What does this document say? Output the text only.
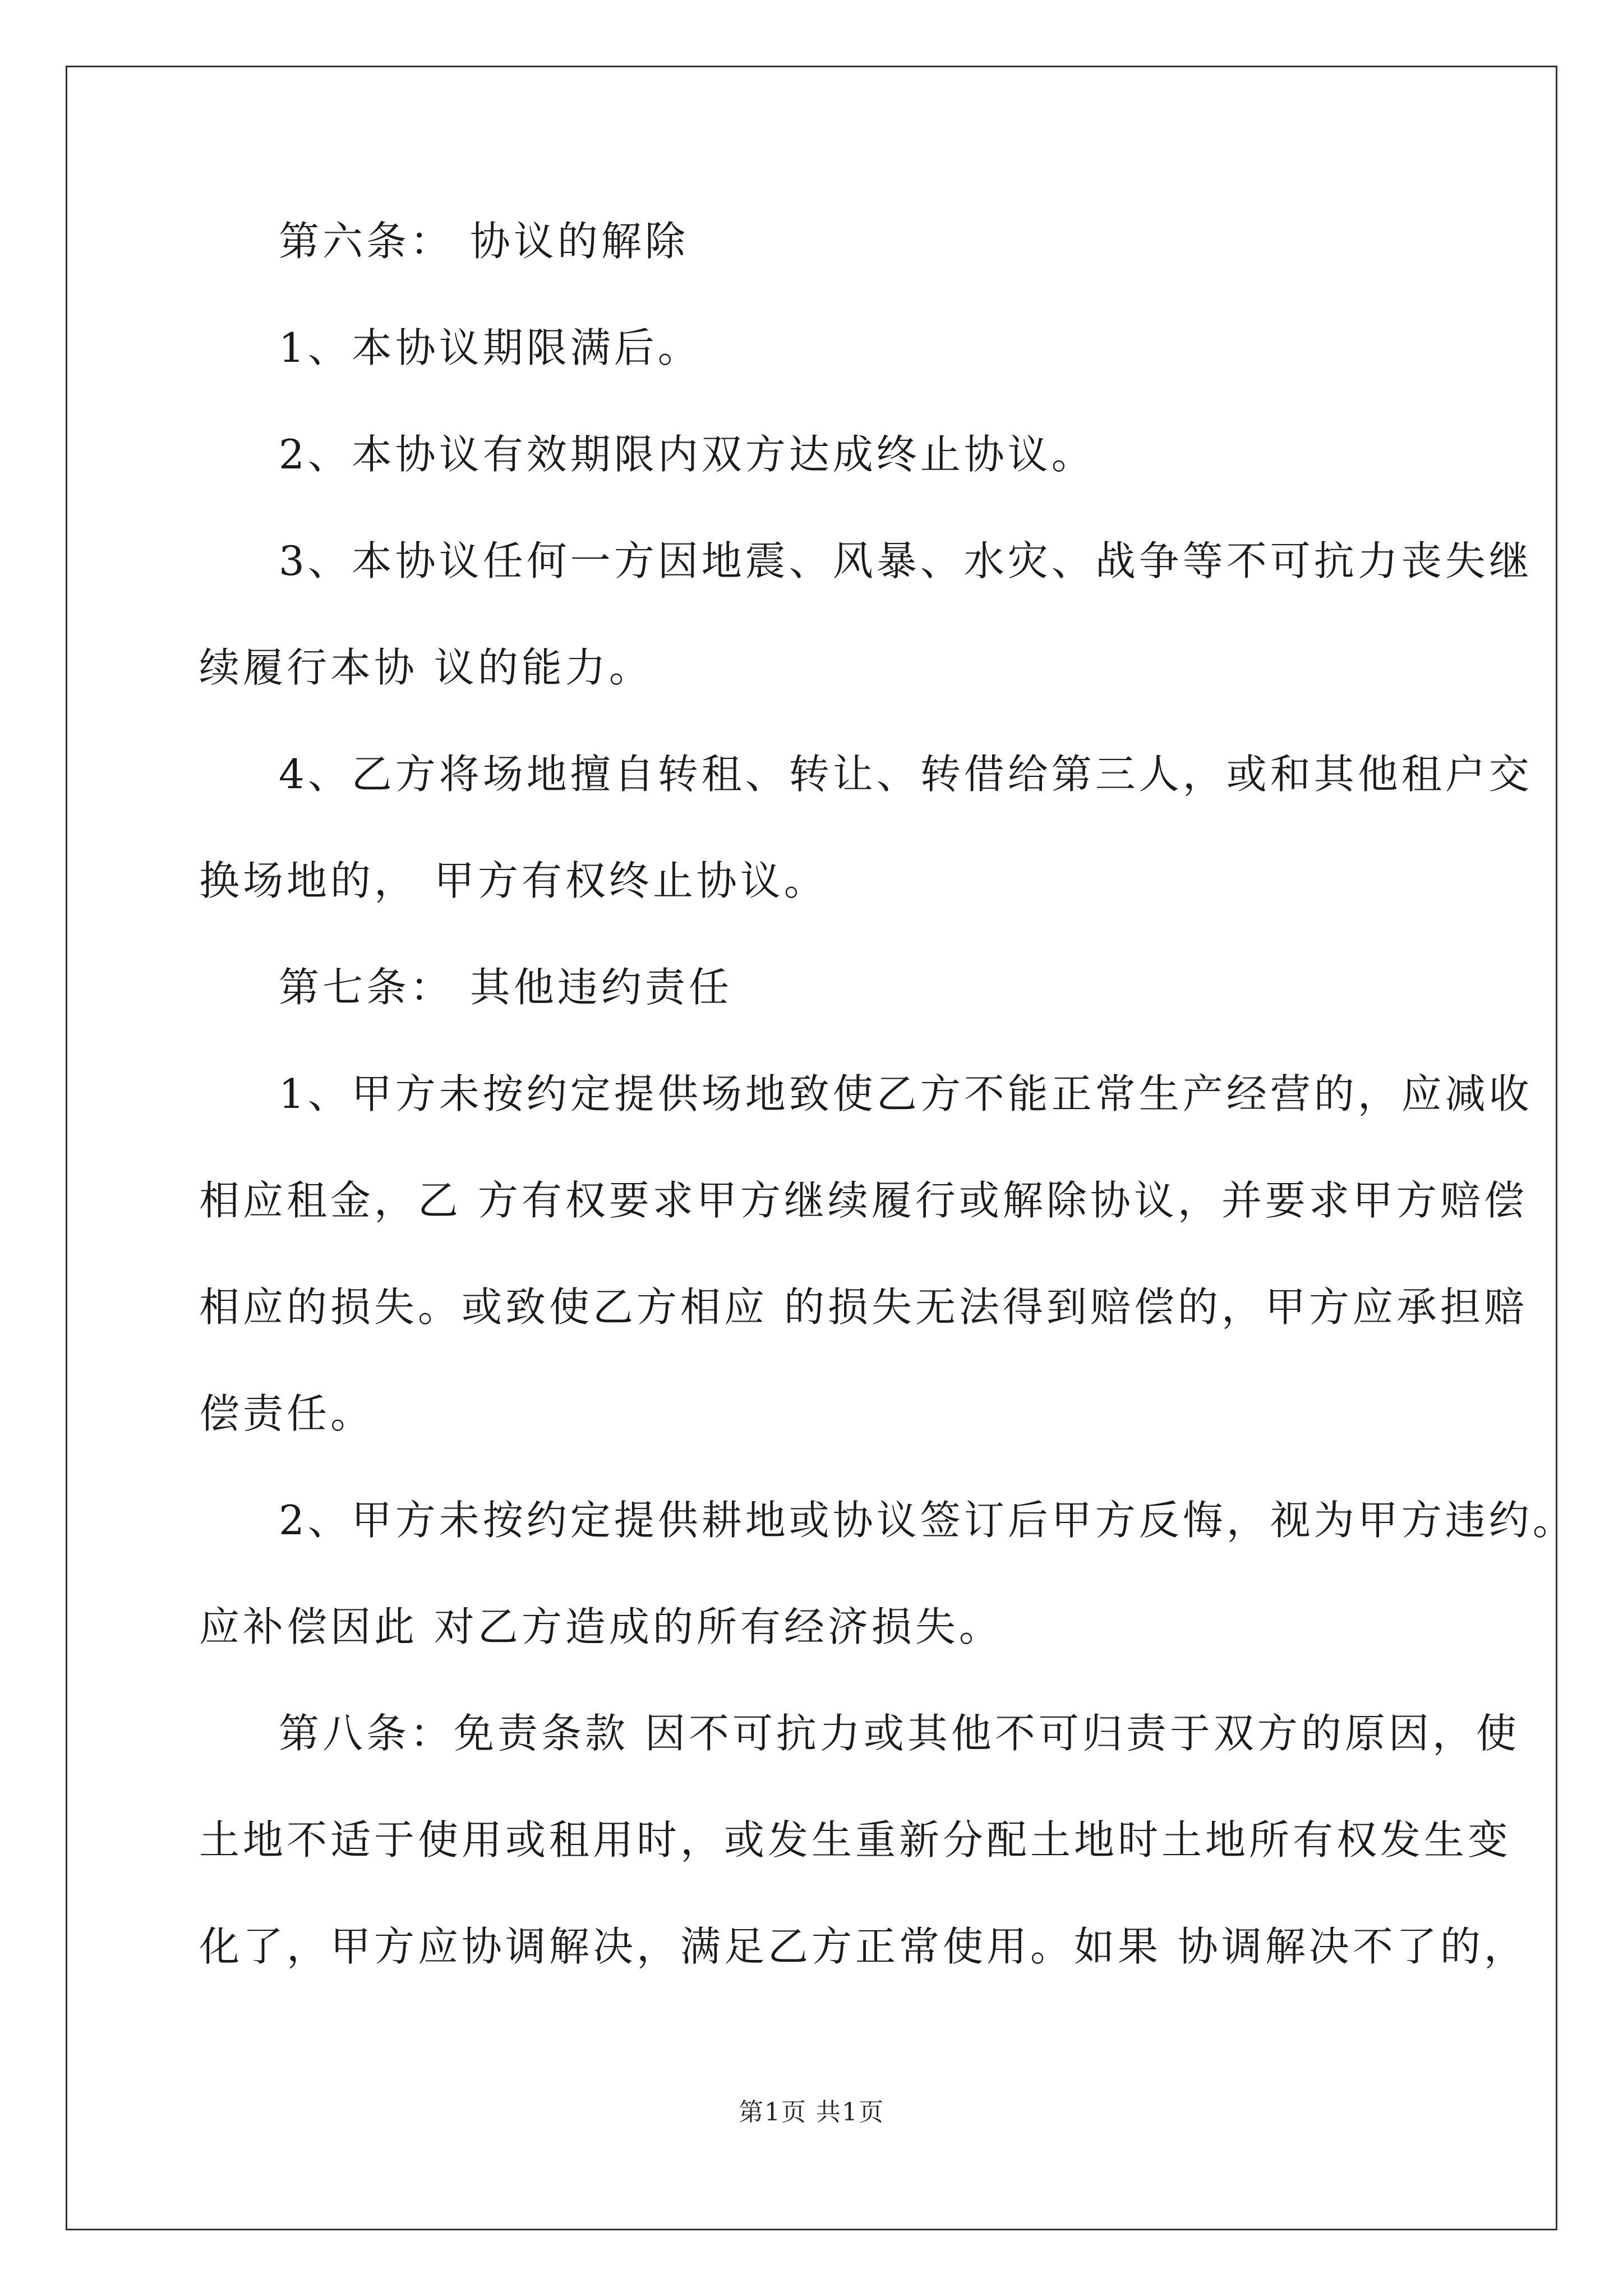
第六条： 协议的解除
1、本协议期限满后。
2、本协议有效期限内双方达成终止协议。
3、本协议任何一方因地震、风暴、水灾、战争等不可抗力丧失继
续履行本协 议的能力。
4、乙方将场地擅自转租、转让、转借给第三人，或和其他租户交
换场地的， 甲方有权终止协议。
第七条： 其他违约责任
1、甲方未按约定提供场地致使乙方不能正常生产经营的，应减收
相应租金，乙 方有权要求甲方继续履行或解除协议，并要求甲方赔偿
相应的损失。或致使乙方相应 的损失无法得到赔偿的，甲方应承担赔
偿责任。
2、甲方未按约定提供耕地或协议签订后甲方反悔，视为甲方违约。
应补偿因此 对乙方造成的所有经济损失。
第八条：免责条款 因不可抗力或其他不可归责于双方的原因，使
土地不适于使用或租用时，或发生重新分配土地时土地所有权发生变
化了，甲方应协调解决，满足乙方正常使用。如果 协调解决不了的，
第1页 共1页
